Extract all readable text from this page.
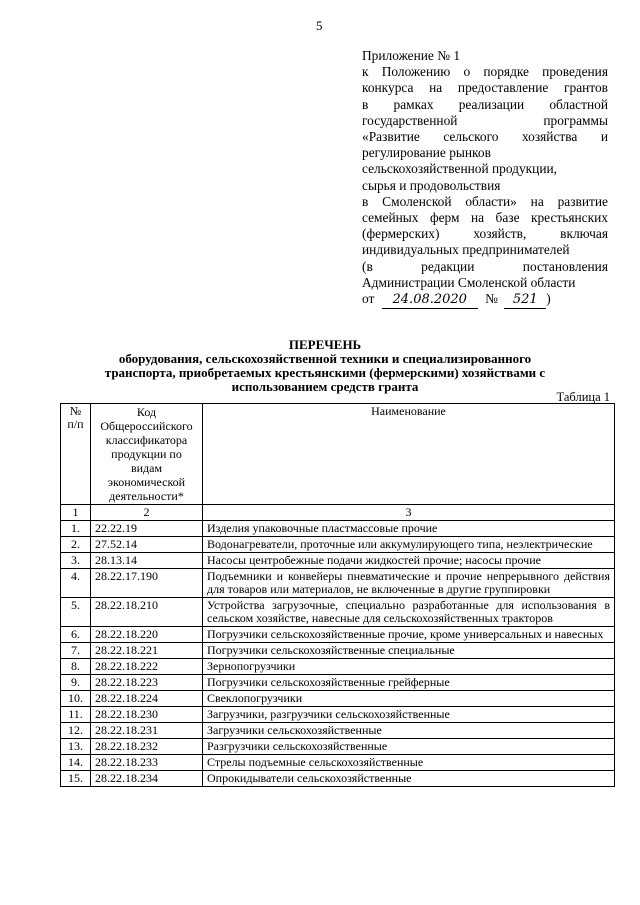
5
Приложение № 1
к Положению о порядке проведения
конкурса на предоставление грантов
в рамках реализации областной
государственной программы
«Развитие сельского хозяйства и
регулирование рынков
сельскохозяйственной продукции,
сырья и продовольствия
в Смоленской области» на развитие
семейных ферм на базе крестьянских
(фермерских) хозяйств, включая
индивидуальных предпринимателей
(в редакции постановления
Администрации Смоленской области
от 24.08.2020 № 521 )
ПЕРЕЧЕНЬ
оборудования, сельскохозяйственной техники и специализированного транспорта, приобретаемых крестьянскими (фермерскими) хозяйствами с использованием средств гранта
Таблица 1
№ п/п	Код Общероссийского классификатора продукции по видам экономической деятельности*	Наименование
1	2	3
1.	22.22.19	Изделия упаковочные пластмассовые прочие
2.	27.52.14	Водонагреватели, проточные или аккумулирующего типа, неэлектрические
3.	28.13.14	Насосы центробежные подачи жидкостей прочие; насосы прочие
4.	28.22.17.190	Подъемники и конвейеры пневматические и прочие непрерывного действия для товаров или материалов, не включенные в другие группировки
5.	28.22.18.210	Устройства загрузочные, специально разработанные для использования в сельском хозяйстве, навесные для сельскохозяйственных тракторов
6.	28.22.18.220	Погрузчики сельскохозяйственные прочие, кроме универсальных и навесных
7.	28.22.18.221	Погрузчики сельскохозяйственные специальные
8.	28.22.18.222	Зернопогрузчики
9.	28.22.18.223	Погрузчики сельскохозяйственные грейферные
10.	28.22.18.224	Свеклопогрузчики
11.	28.22.18.230	Загрузчики, разгрузчики сельскохозяйственные
12.	28.22.18.231	Загрузчики сельскохозяйственные
13.	28.22.18.232	Разгрузчики сельскохозяйственные
14.	28.22.18.233	Стрелы подъемные сельскохозяйственные
15.	28.22.18.234	Опрокидыватели сельскохозяйственные
